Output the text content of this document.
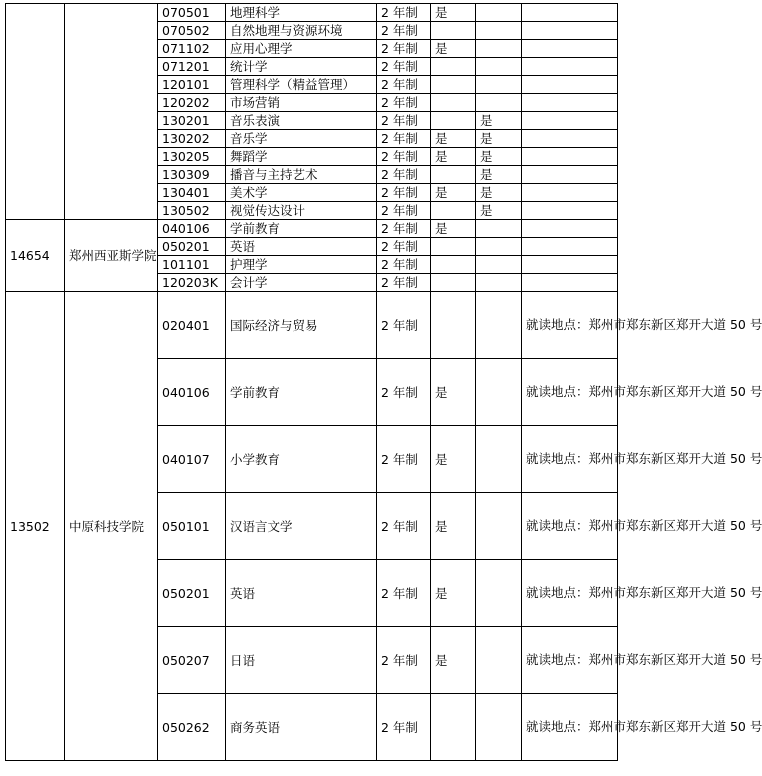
		070501	地理科学	2 年制	是		
		070502	自然地理与资源环境	2 年制			
		071102	应用心理学	2 年制	是		
		071201	统计学	2 年制			
		120101	管理科学（精益管理）	2 年制			
		120202	市场营销	2 年制			
		130201	音乐表演	2 年制		是	
		130202	音乐学	2 年制	是	是	
		130205	舞蹈学	2 年制	是	是	
		130309	播音与主持艺术	2 年制		是	
		130401	美术学	2 年制	是	是	
		130502	视觉传达设计	2 年制		是	
14654	郑州西亚斯学院	040106	学前教育	2 年制	是		
		050201	英语	2 年制			
		101101	护理学	2 年制			
		120203K	会计学	2 年制			
13502	中原科技学院	020401	国际经济与贸易	2 年制			就读地点：郑州市郑东新区郑开大道 50 号
		040106	学前教育	2 年制	是		就读地点：郑州市郑东新区郑开大道 50 号
		040107	小学教育	2 年制	是		就读地点：郑州市郑东新区郑开大道 50 号
		050101	汉语言文学	2 年制	是		就读地点：郑州市郑东新区郑开大道 50 号
		050201	英语	2 年制	是		就读地点：郑州市郑东新区郑开大道 50 号
		050207	日语	2 年制	是		就读地点：郑州市郑东新区郑开大道 50 号
		050262	商务英语	2 年制			就读地点：郑州市郑东新区郑开大道 50 号
